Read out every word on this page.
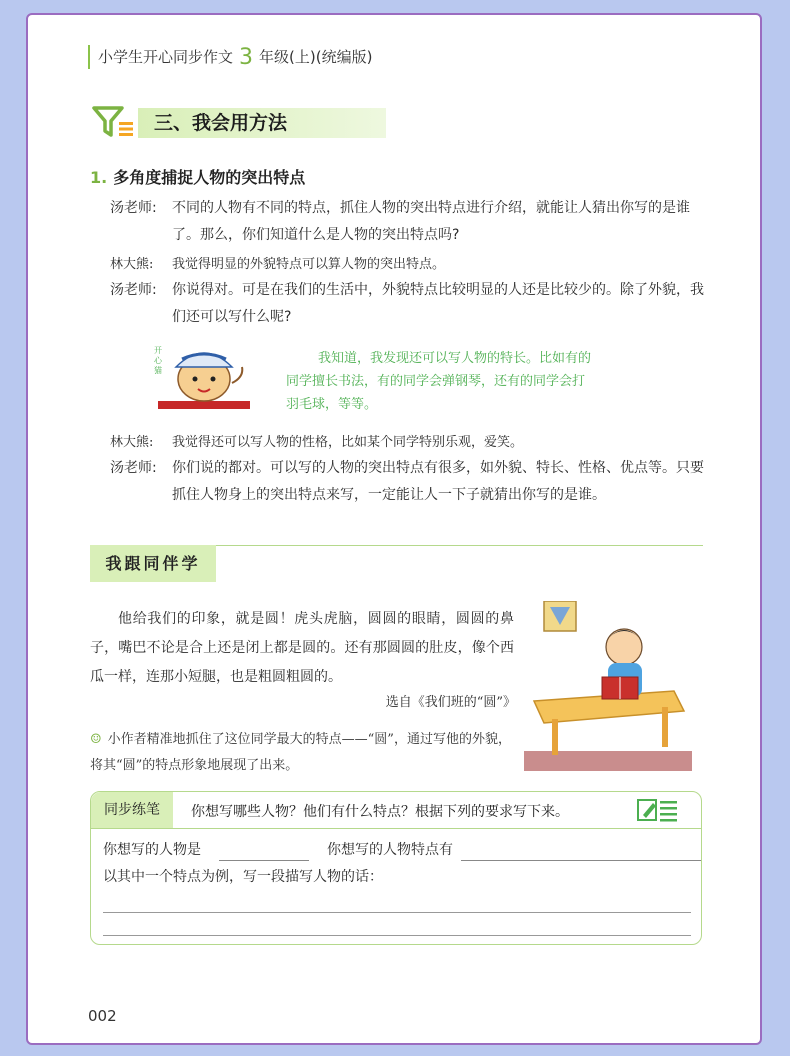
小学生开心同步作文 3 年级(上)(统编版)
三、我会用方法
1. 多角度捕捉人物的突出特点
汤老师: 不同的人物有不同的特点，抓住人物的突出特点进行介绍，就能让人猜出你写的是谁了。那么，你们知道什么是人物的突出特点吗?
林大熊: 我觉得明显的外貌特点可以算人物的突出特点。
汤老师: 你说得对。可是在我们的生活中，外貌特点比较明显的人还是比较少的。除了外貌，我们还可以写什么呢?
开
心
猫
我知道，我发现还可以写人物的特长。比如有的
同学擅长书法，有的同学会弹钢琴，还有的同学会打
羽毛球，等等。
林大熊: 我觉得还可以写人物的性格，比如某个同学特别乐观，爱笑。
汤老师: 你们说的都对。可以写的人物的突出特点有很多，如外貌、特长、性格、优点等。只要抓住人物身上的突出特点来写，一定能让人一下子就猜出你写的是谁。
我跟同伴学
他给我们的印象，就是圆！虎头虎脑，圆圆的眼睛，圆圆的鼻子，嘴巴不论是合上还是闭上都是圆的。还有那圆圆的肚皮，像个西瓜一样，连那小短腿，也是粗圆粗圆的。
选自《我们班的“圆”》
☺ 小作者精准地抓住了这位同学最大的特点——“圆”，通过写他的外貌，将其“圆”的特点形象地展现了出来。
同步练笔	你想写哪些人物？他们有什么特点？根据下列的要求写下来。
你想写的人物是	你想写的人物特点有
以其中一个特点为例，写一段描写人物的话：
002
